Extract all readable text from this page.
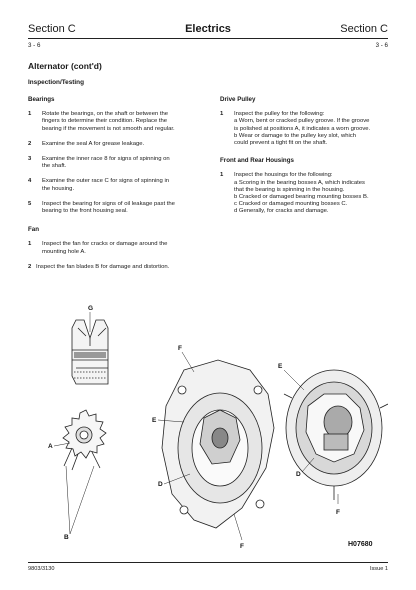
Section C	Electrics	Section C
3 - 6	3 - 6
Alternator (cont'd)
Inspection/Testing
Bearings
1 Rotate the bearings, on the shaft or between the
fingers to determine their condition. Replace the
bearing if the movement is not smooth and regular.
2 Examine the seal A for grease leakage.
3 Examine the inner race 8 for signs of spinning on
the shaft.
4 Examine the outer race C for signs of spinning in
the housing.
5 Inspect the bearing for signs of oil leakage past the
bearing to the front housing seal.
Fan
1 Inspect the fan for cracks or damage around the
mounting hole A.
2 Inspect the fan blades B for damage and distortion.
Drive Pulley
1 Inspect the pulley for the following:
a Worn, bent or cracked pulley groove. If the groove
is polished at positions A, it indicates a worn groove.
b Wear or damage to the pulley key slot, which
could prevent a tight fit on the shaft.
Front and Rear Housings
1 Inspect the housings for the following:
a Scoring in the bearing bosses A, which indicates
that the bearing is spinning in the housing.
b Cracked or damaged bearing mounting bosses B.
c Cracked or damaged mounting bosses C.
d Generally, for cracks and damage.
G
A
B
F
E
D
F
E
D
F
H07680
9803/3130	Issue 1
